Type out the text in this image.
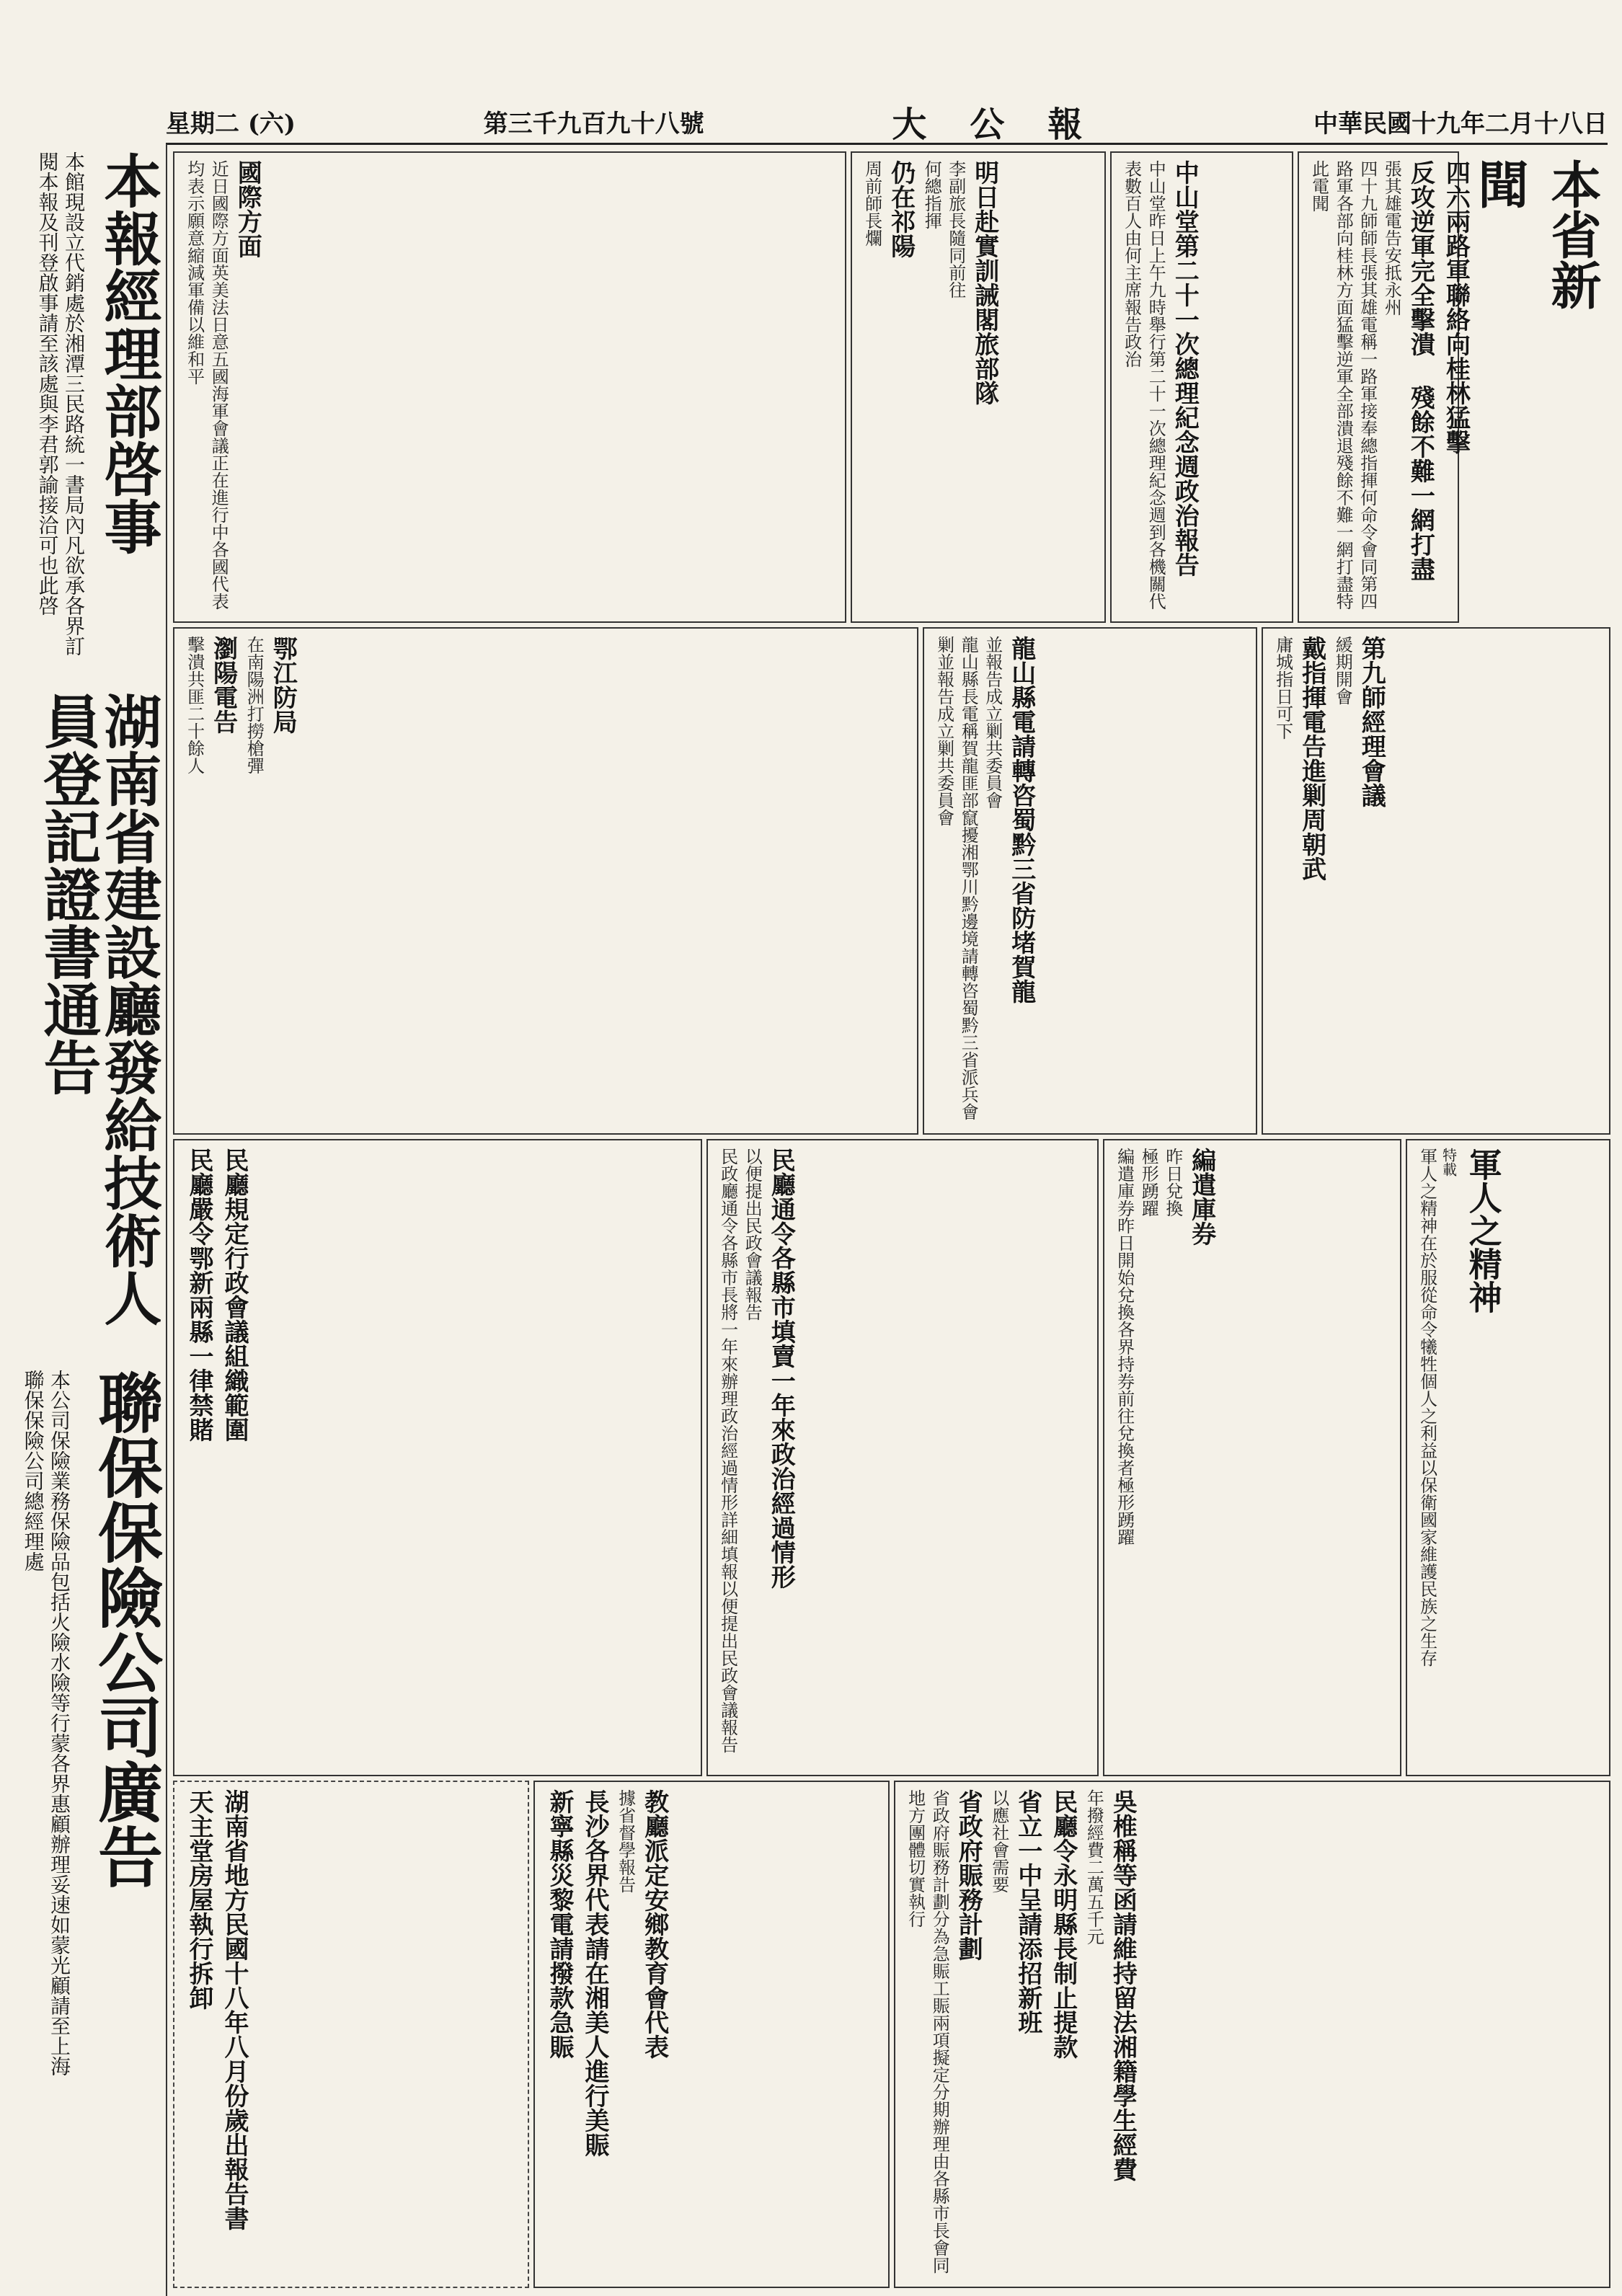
星期二 (六)	第三千九百九十八號	大公報	中華民國十九年二月十八日
本報經理部啓事
本館現設立代銷處於湘潭三民路統一書局內凡欲承各界訂閱本報及刊登啟事請至該處與李君郭諭接洽可也此啓
湖南省建設廳發給技術人員登記證書通告
聯保保險公司廣告
本公司保險業務保險品包括火險水險等行蒙各界惠顧辦理妥速如蒙光顧請至上海聯保保險公司總經理處
本省新聞
四六兩路軍聯絡向桂林猛擊
反攻逆軍完全擊潰 殘餘不難一網打盡
張其雄電告安抵永州
四十九師師長張其雄電稱一路軍接奉總指揮何命令會同第四路軍各部向桂林方面猛擊逆軍全部潰退殘餘不難一網打盡特此電聞
中山堂第二十一次總理紀念週政治報告
中山堂昨日上午九時舉行第二十一次總理紀念週到各機關代表數百人由何主席報告政治
明日赴實訓誡閣旅部隊
李副旅長隨同前往
何總指揮
仍在祁陽
周前師長爛
國際方面
近日國際方面英美法日意五國海軍會議正在進行中各國代表均表示願意縮減軍備以維和平
第九師經理會議
緩期開會
戴指揮電告進剿周朝武
庸城指日可下
龍山縣電請轉咨蜀黔三省防堵賀龍
並報告成立剿共委員會
龍山縣長電稱賀龍匪部竄擾湘鄂川黔邊境請轉咨蜀黔三省派兵會剿並報告成立剿共委員會
鄂江防局
在南陽洲打撈槍彈
瀏陽電告
擊潰共匪二十餘人
軍人之精神
特載
軍人之精神在於服從命令犧牲個人之利益以保衛國家維護民族之生存
編遣庫券
昨日兌換
極形踴躍
編遣庫券昨日開始兌換各界持券前往兌換者極形踴躍
民廳通令各縣市填賣一年來政治經過情形
以便提出民政會議報告
民政廳通令各縣市長將一年來辦理政治經過情形詳細填報以便提出民政會議報告
民廳規定行政會議組織範圍
民廳嚴令鄂新兩縣一律禁賭
吳椎稱等函請維持留法湘籍學生經費
年撥經費二萬五千元
民廳令永明縣長制止提款
省立一中呈請添招新班
以應社會需要
省政府賑務計劃
省政府賑務計劃分為急賑工賑兩項擬定分期辦理由各縣市長會同地方團體切實執行
教廳派定安鄉教育會代表
據省督學報告
長沙各界代表請在湘美人進行美賑
新寧縣災黎電請撥款急賑
湖南省地方民國十八年八月份歲出報告書
天主堂房屋執行拆卸
